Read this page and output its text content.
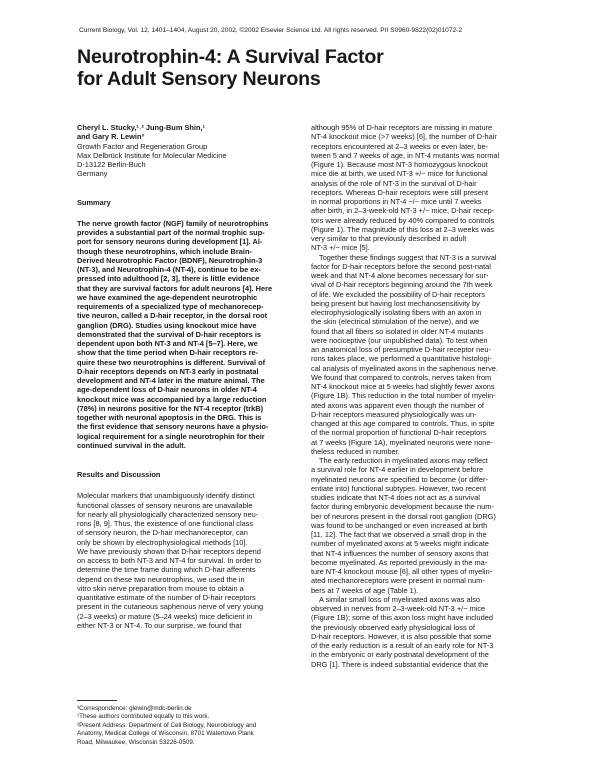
Current Biology, Vol. 12, 1401–1404, August 20, 2002, ©2002 Elsevier Science Ltd. All rights reserved. PII S0960-9822(02)01072-2
Neurotrophin-4: A Survival Factor
for Adult Sensory Neurons
Cheryl L. Stucky,¹˒² Jung-Bum Shin,¹
and Gary R. Lewin³
Growth Factor and Regeneration Group
Max Delbrück Institute for Molecular Medicine
D-13122 Berlin-Buch
Germany
Summary
The nerve growth factor (NGF) family of neurotrophins
provides a substantial part of the normal trophic sup-
port for sensory neurons during development [1]. Al-
though these neurotrophins, which include Brain-
Derived Neurotrophic Factor (BDNF), Neurotrophin-3
(NT-3), and Neurotrophin-4 (NT-4), continue to be ex-
pressed into adulthood [2, 3], there is little evidence
that they are survival factors for adult neurons [4]. Here
we have examined the age-dependent neurotrophic
requirements of a specialized type of mechanorecep-
tive neuron, called a D-hair receptor, in the dorsal root
ganglion (DRG). Studies using knockout mice have
demonstrated that the survival of D-hair receptors is
dependent upon both NT-3 and NT-4 [5–7]. Here, we
show that the time period when D-hair receptors re-
quire these two neurotrophins is different. Survival of
D-hair receptors depends on NT-3 early in postnatal
development and NT-4 later in the mature animal. The
age-dependent loss of D-hair neurons in older NT-4
knockout mice was accompanied by a large reduction
(78%) in neurons positive for the NT-4 receptor (trkB)
together with neuronal apoptosis in the DRG. This is
the first evidence that sensory neurons have a physio-
logical requirement for a single neurotrophin for their
continued survival in the adult.
Results and Discussion
Molecular markers that unambiguously identify distinct
functional classes of sensory neurons are unavailable
for nearly all physiologically characterized sensory neu-
rons [8, 9]. Thus, the existence of one functional class
of sensory neuron, the D-hair mechanoreceptor, can
only be shown by electrophysiological methods [10].
We have previously shown that D-hair receptors depend
on access to both NT-3 and NT-4 for survival. In order to
determine the time frame during which D-hair afferents
depend on these two neurotrophins, we used the in
vitro skin nerve preparation from mouse to obtain a
quantitative estimate of the number of D-hair receptors
present in the cutaneous saphenous nerve of very young
(2–3 weeks) or mature (5–24 weeks) mice deficient in
either NT-3 or NT-4. To our surprise, we found that
³Correspondence: glewin@mdc-berlin.de
¹These authors contributed equally to this work.
²Present Address: Department of Cell Biology, Neurobiology and
Anatomy, Medical College of Wisconsin, 8701 Watertown Plank
Road, Milwaukee, Wisconsin 53226-0509.
although 95% of D-hair receptors are missing in mature
NT-4 knockout mice (>7 weeks) [6], the number of D-hair
receptors encountered at 2–3 weeks or even later, be-
tween 5 and 7 weeks of age, in NT-4 mutants was normal
(Figure 1). Because most NT-3 homozygous knockout
mice die at birth, we used NT-3 +/− mice for functional
analysis of the role of NT-3 in the survival of D-hair
receptors. Whereas D-hair receptors were still present
in normal proportions in NT-4 −/− mice until 7 weeks
after birth, in 2–3-week-old NT-3 +/− mice, D-hair recep-
tors were already reduced by 40% compared to controls
(Figure 1). The magnitude of this loss at 2–3 weeks was
very similar to that previously described in adult
NT-3 +/− mice [5].
Together these findings suggest that NT-3 is a survival
factor for D-hair receptors before the second post-natal
week and that NT-4 alone becomes necessary for sur-
vival of D-hair receptors beginning around the 7th week
of life. We excluded the possibility of D-hair receptors
being present but having lost mechanosensitivity by
electrophysiologically isolating fibers with an axon in
the skin (electrical stimulation of the nerve), and we
found that all fibers so isolated in older NT-4 mutants
were nociceptive (our unpublished data). To test when
an anatomical loss of presumptive D-hair receptor neu-
rons takes place, we performed a quantitative histologi-
cal analysis of myelinated axons in the saphenous nerve.
We found that compared to controls, nerves taken from
NT-4 knockout mice at 5 weeks had slightly fewer axons
(Figure 1B). This reduction in the total number of myelin-
ated axons was apparent even though the number of
D-hair receptors measured physiologically was un-
changed at this age compared to controls. Thus, in spite
of the normal proportion of functional D-hair receptors
at 7 weeks (Figure 1A), myelinated neurons were none-
theless reduced in number.
The early reduction in myelinated axons may reflect
a survival role for NT-4 earlier in development before
myelinated neurons are specified to become (or differ-
entiate into) functional subtypes. However, two recent
studies indicate that NT-4 does not act as a survival
factor during embryonic development because the num-
ber of neurons present in the dorsal root ganglion (DRG)
was found to be unchanged or even increased at birth
[11, 12]. The fact that we observed a small drop in the
number of myelinated axons at 5 weeks might indicate
that NT-4 influences the number of sensory axons that
become myelinated. As reported previously in the ma-
ture NT-4 knockout mouse [6], all other types of myelin-
ated mechanoreceptors were present in normal num-
bers at 7 weeks of age (Table 1).
A similar small loss of myelinated axons was also
observed in nerves from 2–3-week-old NT-3 +/− mice
(Figure 1B); some of this axon loss might have included
the previously observed early physiological loss of
D-hair receptors. However, it is also possible that some
of the early reduction is a result of an early role for NT-3
in the embryonic or early postnatal development of the
DRG [1]. There is indeed substantial evidence that the
